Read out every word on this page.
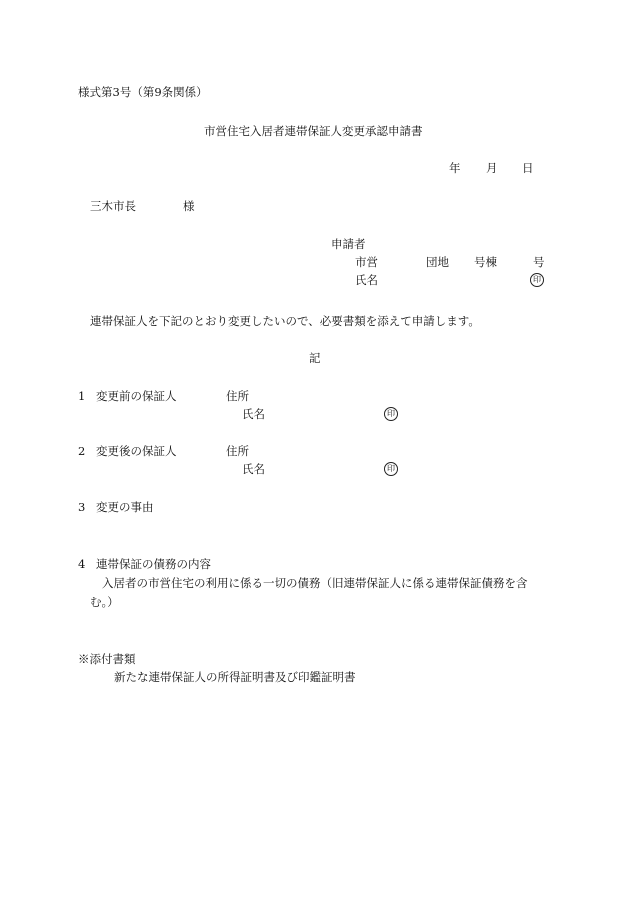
様式第3号（第9条関係）
市営住宅入居者連帯保証人変更承認申請書
年 月 日
三木市長	様
申請者
市営	団地 号棟	号
氏名	印
連帯保証人を下記のとおり変更したいので、必要書類を添えて申請します。
記
1 変更前の保証人	住所
氏名	印
2 変更後の保証人	住所
氏名	印
3 変更の事由
4 連帯保証の債務の内容
入居者の市営住宅の利用に係る一切の債務（旧連帯保証人に係る連帯保証債務を含
む。）
※添付書類
新たな連帯保証人の所得証明書及び印鑑証明書
